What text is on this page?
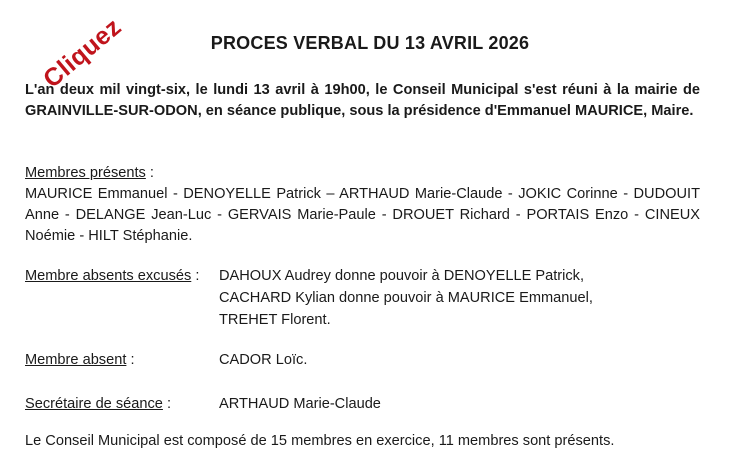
Cliquez	PROCES VERBAL DU 13 AVRIL 2026
L'an deux mil vingt-six, le lundi 13 avril à 19h00, le Conseil Municipal s'est réuni à la mairie de GRAINVILLE-SUR-ODON, en séance publique, sous la présidence d'Emmanuel MAURICE, Maire.
Membres présents :
MAURICE Emmanuel - DENOYELLE Patrick – ARTHAUD Marie-Claude - JOKIC Corinne - DUDOUIT Anne - DELANGE Jean-Luc - GERVAIS Marie-Paule - DROUET Richard - PORTAIS Enzo - CINEUX Noémie - HILT Stéphanie.
Membre absents excusés : DAHOUX Audrey donne pouvoir à DENOYELLE Patrick,
CACHARD Kylian donne pouvoir à MAURICE Emmanuel,
TREHET Florent.
Membre absent :	CADOR Loïc.
Secrétaire de séance :	ARTHAUD Marie-Claude
Le Conseil Municipal est composé de 15 membres en exercice, 11 membres sont présents.
